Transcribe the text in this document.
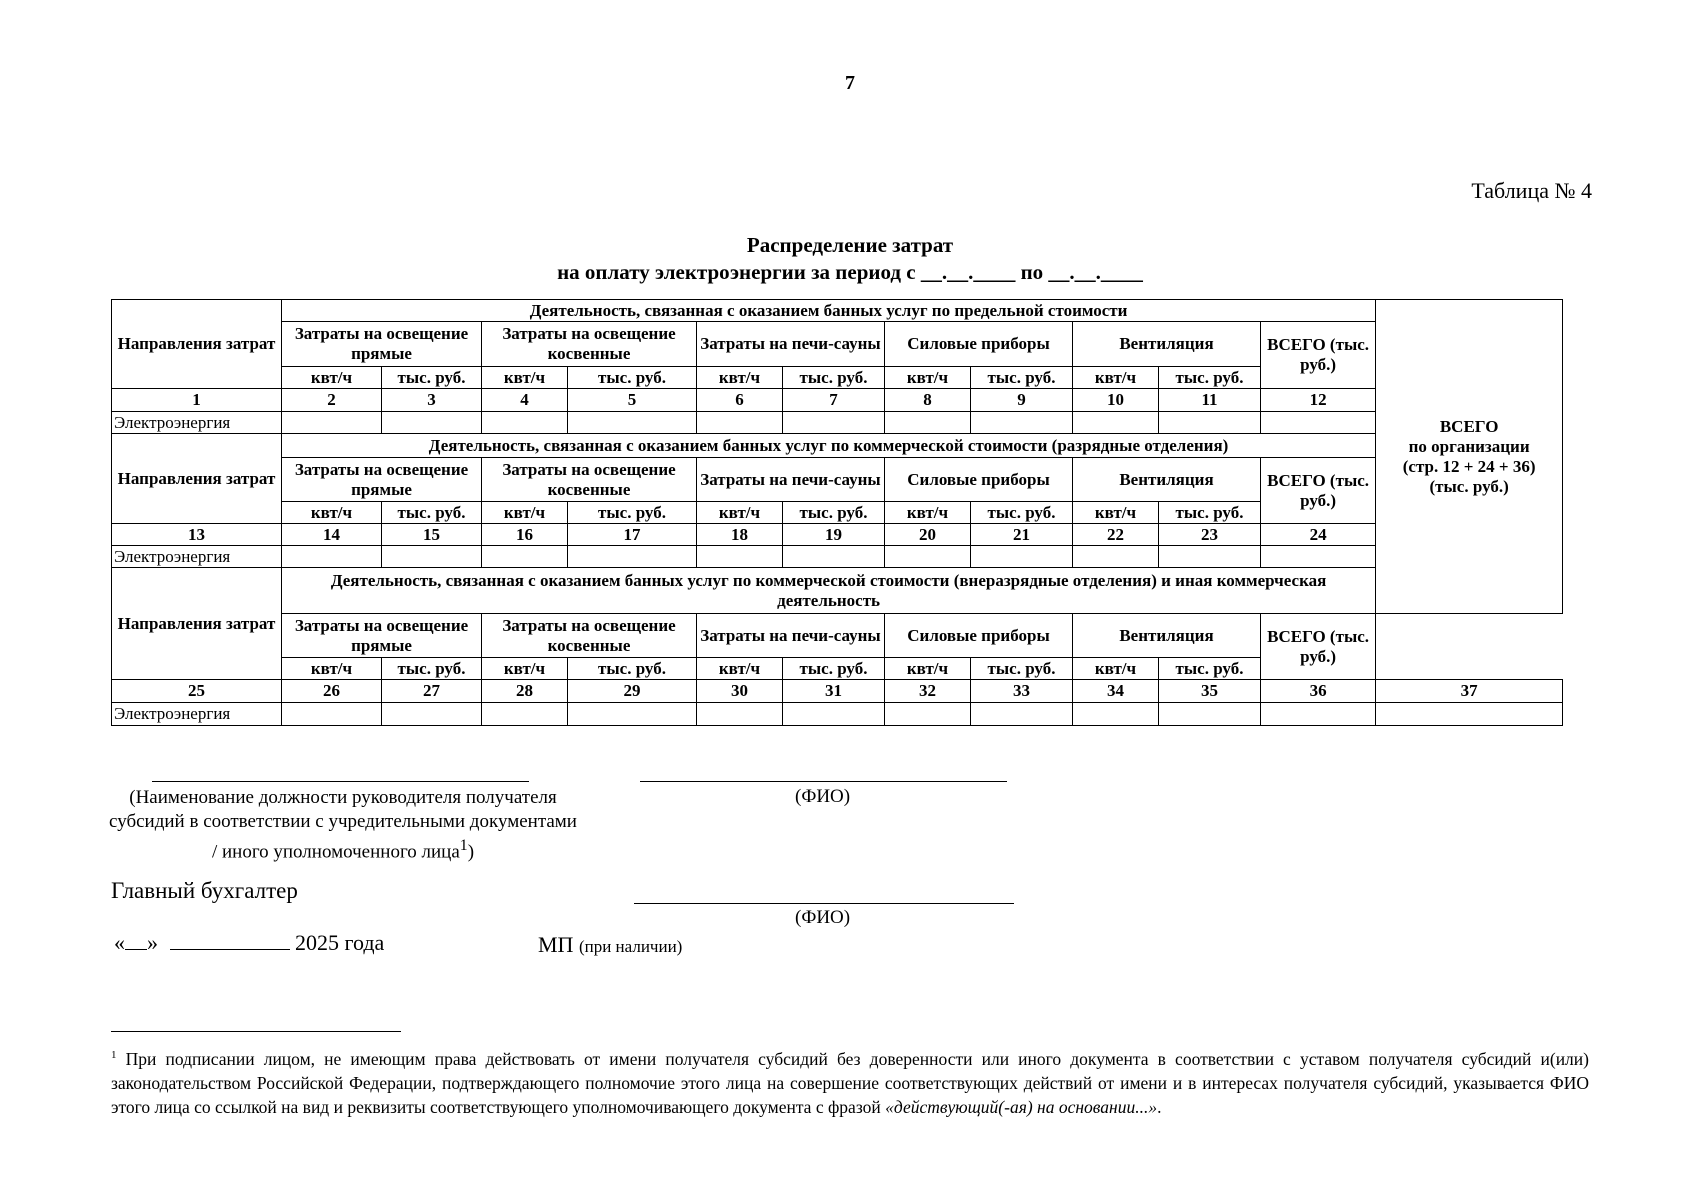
7
Таблица № 4
Распределение затрат
на оплату электроэнергии за период с __.__.____ по __.__.____
Направления затрат	Деятельность, связанная с оказанием банных услуг по предельной стоимости											ВСЕГО
по организации
(стр. 12 + 24 + 36)
(тыс. руб.)

	Затраты на освещение прямые		Затраты на освещение косвенные		Затраты на печи-сауны		Силовые приборы		Вентиляция		ВСЕГО (тыс. руб.)	
	квт/ч	тыс. руб.	квт/ч	тыс. руб.	квт/ч	тыс. руб.	квт/ч	тыс. руб.	квт/ч	тыс. руб.		
1	2	3	4	5	6	7	8	9	10	11	12	
Электроэнергия												
Направления затрат	Деятельность, связанная с оказанием банных услуг по коммерческой стоимости (разрядные отделения)											
	Затраты на освещение прямые		Затраты на освещение косвенные		Затраты на печи-сауны		Силовые приборы		Вентиляция		ВСЕГО (тыс. руб.)	
	квт/ч	тыс. руб.	квт/ч	тыс. руб.	квт/ч	тыс. руб.	квт/ч	тыс. руб.	квт/ч	тыс. руб.		
13	14	15	16	17	18	19	20	21	22	23	24	
Электроэнергия												
Направления затрат	Деятельность, связанная с оказанием банных услуг по коммерческой стоимости (внеразрядные отделения) и иная коммерческая деятельность											
	Затраты на освещение прямые		Затраты на освещение косвенные		Затраты на печи-сауны		Силовые приборы		Вентиляция		ВСЕГО (тыс. руб.)	
	квт/ч	тыс. руб.	квт/ч	тыс. руб.	квт/ч	тыс. руб.	квт/ч	тыс. руб.	квт/ч	тыс. руб.		
25	26	27	28	29	30	31	32	33	34	35	36	37
Электроэнергия												
(Наименование должности руководителя получателя субсидий в соответствии с учредительными документами / иного уполномоченного лица$^1$)
(ФИО)
Главный бухгалтер
(ФИО)
« »	2025 года	МП (при наличии)
$^1$ При подписании лицом, не имеющим права действовать от имени получателя субсидий без доверенности или иного документа в соответствии с уставом получателя субсидий и(или) законодательством Российской Федерации, подтверждающего полномочие этого лица на совершение соответствующих действий от имени и в интересах получателя субсидий, указывается ФИО этого лица со ссылкой на вид и реквизиты соответствующего уполномочивающего документа с фразой «действующий(-ая) на основании...».
